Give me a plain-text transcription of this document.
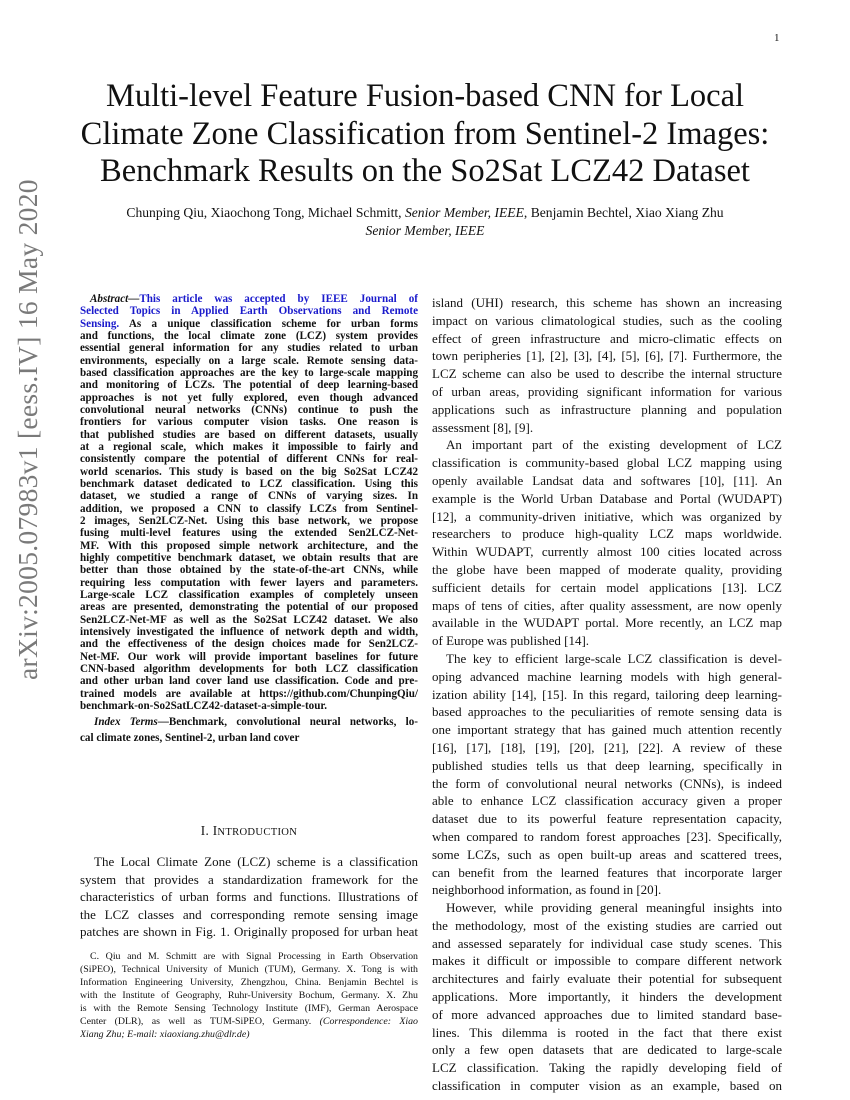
1
arXiv:2005.07983v1 [eess.IV] 16 May 2020
Multi-level Feature Fusion-based CNN for Local
Climate Zone Classification from Sentinel-2 Images:
Benchmark Results on the So2Sat LCZ42 Dataset
Chunping Qiu, Xiaochong Tong, Michael Schmitt, Senior Member, IEEE, Benjamin Bechtel, Xiao Xiang Zhu
Senior Member, IEEE
Abstract—This article was accepted by IEEE Journal of
Selected Topics in Applied Earth Observations and Remote
Sensing. As a unique classification scheme for urban forms
and functions, the local climate zone (LCZ) system provides
essential general information for any studies related to urban
environments, especially on a large scale. Remote sensing data-
based classification approaches are the key to large-scale mapping
and monitoring of LCZs. The potential of deep learning-based
approaches is not yet fully explored, even though advanced
convolutional neural networks (CNNs) continue to push the
frontiers for various computer vision tasks. One reason is
that published studies are based on different datasets, usually
at a regional scale, which makes it impossible to fairly and
consistently compare the potential of different CNNs for real-
world scenarios. This study is based on the big So2Sat LCZ42
benchmark dataset dedicated to LCZ classification. Using this
dataset, we studied a range of CNNs of varying sizes. In
addition, we proposed a CNN to classify LCZs from Sentinel-
2 images, Sen2LCZ-Net. Using this base network, we propose
fusing multi-level features using the extended Sen2LCZ-Net-
MF. With this proposed simple network architecture, and the
highly competitive benchmark dataset, we obtain results that are
better than those obtained by the state-of-the-art CNNs, while
requiring less computation with fewer layers and parameters.
Large-scale LCZ classification examples of completely unseen
areas are presented, demonstrating the potential of our proposed
Sen2LCZ-Net-MF as well as the So2Sat LCZ42 dataset. We also
intensively investigated the influence of network depth and width,
and the effectiveness of the design choices made for Sen2LCZ-
Net-MF. Our work will provide important baselines for future
CNN-based algorithm developments for both LCZ classification
and other urban land cover land use classification. Code and pre-
trained models are available at https://github.com/ChunpingQiu/
benchmark-on-So2SatLCZ42-dataset-a-simple-tour.
Index Terms—Benchmark, convolutional neural networks, lo-
cal climate zones, Sentinel-2, urban land cover
I. INTRODUCTION
The Local Climate Zone (LCZ) scheme is a classification
system that provides a standardization framework for the
characteristics of urban forms and functions. Illustrations of
the LCZ classes and corresponding remote sensing image
patches are shown in Fig. 1. Originally proposed for urban heat
C. Qiu and M. Schmitt are with Signal Processing in Earth Observation
(SiPEO), Technical University of Munich (TUM), Germany. X. Tong is with
Information Engineering University, Zhengzhou, China. Benjamin Bechtel is
with the Institute of Geography, Ruhr-University Bochum, Germany. X. Zhu
is with the Remote Sensing Technology Institute (IMF), German Aerospace
Center (DLR), as well as TUM-SiPEO, Germany. (Correspondence: Xiao
Xiang Zhu; E-mail: xiaoxiang.zhu@dlr.de)
island (UHI) research, this scheme has shown an increasing
impact on various climatological studies, such as the cooling
effect of green infrastructure and micro-climatic effects on
town peripheries [1], [2], [3], [4], [5], [6], [7]. Furthermore, the
LCZ scheme can also be used to describe the internal structure
of urban areas, providing significant information for various
applications such as infrastructure planning and population
assessment [8], [9].
An important part of the existing development of LCZ
classification is community-based global LCZ mapping using
openly available Landsat data and softwares [10], [11]. An
example is the World Urban Database and Portal (WUDAPT)
[12], a community-driven initiative, which was organized by
researchers to produce high-quality LCZ maps worldwide.
Within WUDAPT, currently almost 100 cities located across
the globe have been mapped of moderate quality, providing
sufficient details for certain model applications [13]. LCZ
maps of tens of cities, after quality assessment, are now openly
available in the WUDAPT portal. More recently, an LCZ map
of Europe was published [14].
The key to efficient large-scale LCZ classification is devel-
oping advanced machine learning models with high general-
ization ability [14], [15]. In this regard, tailoring deep learning-
based approaches to the peculiarities of remote sensing data is
one important strategy that has gained much attention recently
[16], [17], [18], [19], [20], [21], [22]. A review of these
published studies tells us that deep learning, specifically in
the form of convolutional neural networks (CNNs), is indeed
able to enhance LCZ classification accuracy given a proper
dataset due to its powerful feature representation capacity,
when compared to random forest approaches [23]. Specifically,
some LCZs, such as open built-up areas and scattered trees,
can benefit from the learned features that incorporate larger
neighborhood information, as found in [20].
However, while providing general meaningful insights into
the methodology, most of the existing studies are carried out
and assessed separately for individual case study scenes. This
makes it difficult or impossible to compare different network
architectures and fairly evaluate their potential for subsequent
applications. More importantly, it hinders the development
of more advanced approaches due to limited standard base-
lines. This dilemma is rooted in the fact that there exist
only a few open datasets that are dedicated to large-scale
LCZ classification. Taking the rapidly developing field of
classification in computer vision as an example, based on
